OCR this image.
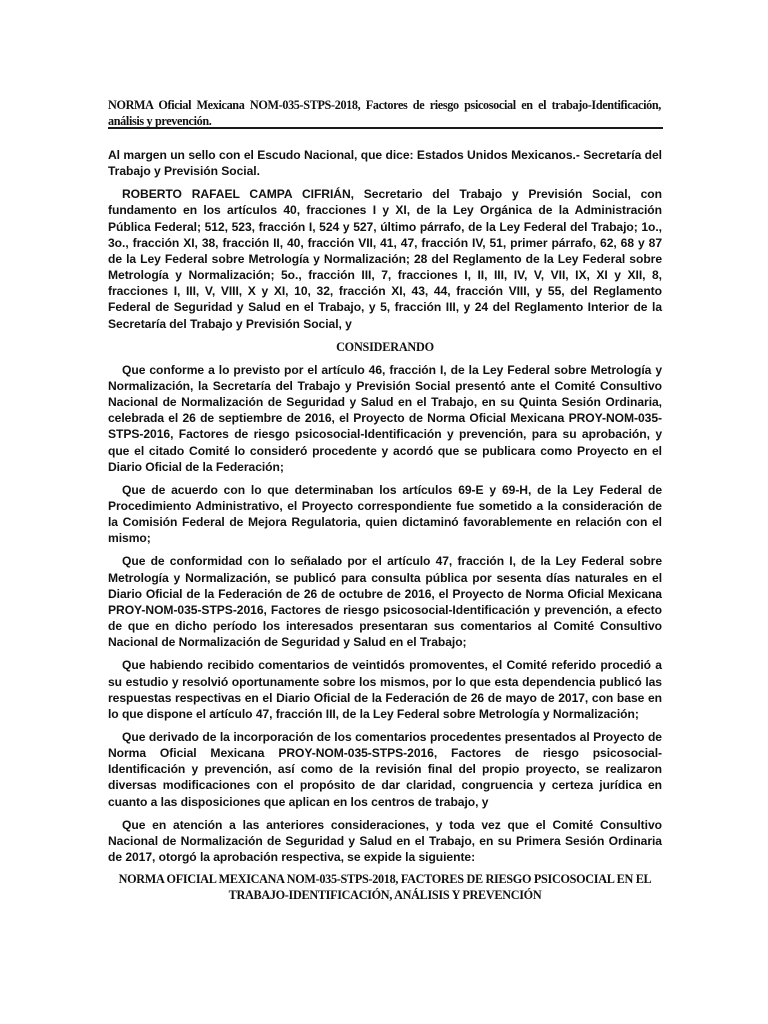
NORMA Oficial Mexicana NOM-035-STPS-2018, Factores de riesgo psicosocial en el trabajo-Identificación, análisis y prevención.

Al margen un sello con el Escudo Nacional, que dice: Estados Unidos Mexicanos.- Secretaría del Trabajo y Previsión Social.

ROBERTO RAFAEL CAMPA CIFRIÁN, Secretario del Trabajo y Previsión Social, con fundamento en los artículos 40, fracciones I y XI, de la Ley Orgánica de la Administración Pública Federal; 512, 523, fracción I, 524 y 527, último párrafo, de la Ley Federal del Trabajo; 1o., 3o., fracción XI, 38, fracción II, 40, fracción VII, 41, 47, fracción IV, 51, primer párrafo, 62, 68 y 87 de la Ley Federal sobre Metrología y Normalización; 28 del Reglamento de la Ley Federal sobre Metrología y Normalización; 5o., fracción III, 7, fracciones I, II, III, IV, V, VII, IX, XI y XII, 8, fracciones I, III, V, VIII, X y XI, 10, 32, fracción XI, 43, 44, fracción VIII, y 55, del Reglamento Federal de Seguridad y Salud en el Trabajo, y 5, fracción III, y 24 del Reglamento Interior de la Secretaría del Trabajo y Previsión Social, y

CONSIDERANDO

Que conforme a lo previsto por el artículo 46, fracción I, de la Ley Federal sobre Metrología y Normalización, la Secretaría del Trabajo y Previsión Social presentó ante el Comité Consultivo Nacional de Normalización de Seguridad y Salud en el Trabajo, en su Quinta Sesión Ordinaria, celebrada el 26 de septiembre de 2016, el Proyecto de Norma Oficial Mexicana PROY-NOM-035-STPS-2016, Factores de riesgo psicosocial-Identificación y prevención, para su aprobación, y que el citado Comité lo consideró procedente y acordó que se publicara como Proyecto en el Diario Oficial de la Federación;

Que de acuerdo con lo que determinaban los artículos 69-E y 69-H, de la Ley Federal de Procedimiento Administrativo, el Proyecto correspondiente fue sometido a la consideración de la Comisión Federal de Mejora Regulatoria, quien dictaminó favorablemente en relación con el mismo;

Que de conformidad con lo señalado por el artículo 47, fracción I, de la Ley Federal sobre Metrología y Normalización, se publicó para consulta pública por sesenta días naturales en el Diario Oficial de la Federación de 26 de octubre de 2016, el Proyecto de Norma Oficial Mexicana PROY-NOM-035-STPS-2016, Factores de riesgo psicosocial-Identificación y prevención, a efecto de que en dicho período los interesados presentaran sus comentarios al Comité Consultivo Nacional de Normalización de Seguridad y Salud en el Trabajo;

Que habiendo recibido comentarios de veintidós promoventes, el Comité referido procedió a su estudio y resolvió oportunamente sobre los mismos, por lo que esta dependencia publicó las respuestas respectivas en el Diario Oficial de la Federación de 26 de mayo de 2017, con base en lo que dispone el artículo 47, fracción III, de la Ley Federal sobre Metrología y Normalización;

Que derivado de la incorporación de los comentarios procedentes presentados al Proyecto de Norma Oficial Mexicana PROY-NOM-035-STPS-2016, Factores de riesgo psicosocial-Identificación y prevención, así como de la revisión final del propio proyecto, se realizaron diversas modificaciones con el propósito de dar claridad, congruencia y certeza jurídica en cuanto a las disposiciones que aplican en los centros de trabajo, y

Que en atención a las anteriores consideraciones, y toda vez que el Comité Consultivo Nacional de Normalización de Seguridad y Salud en el Trabajo, en su Primera Sesión Ordinaria de 2017, otorgó la aprobación respectiva, se expide la siguiente:

NORMA OFICIAL MEXICANA NOM-035-STPS-2018, FACTORES DE RIESGO PSICOSOCIAL EN EL
TRABAJO-IDENTIFICACIÓN, ANÁLISIS Y PREVENCIÓN
